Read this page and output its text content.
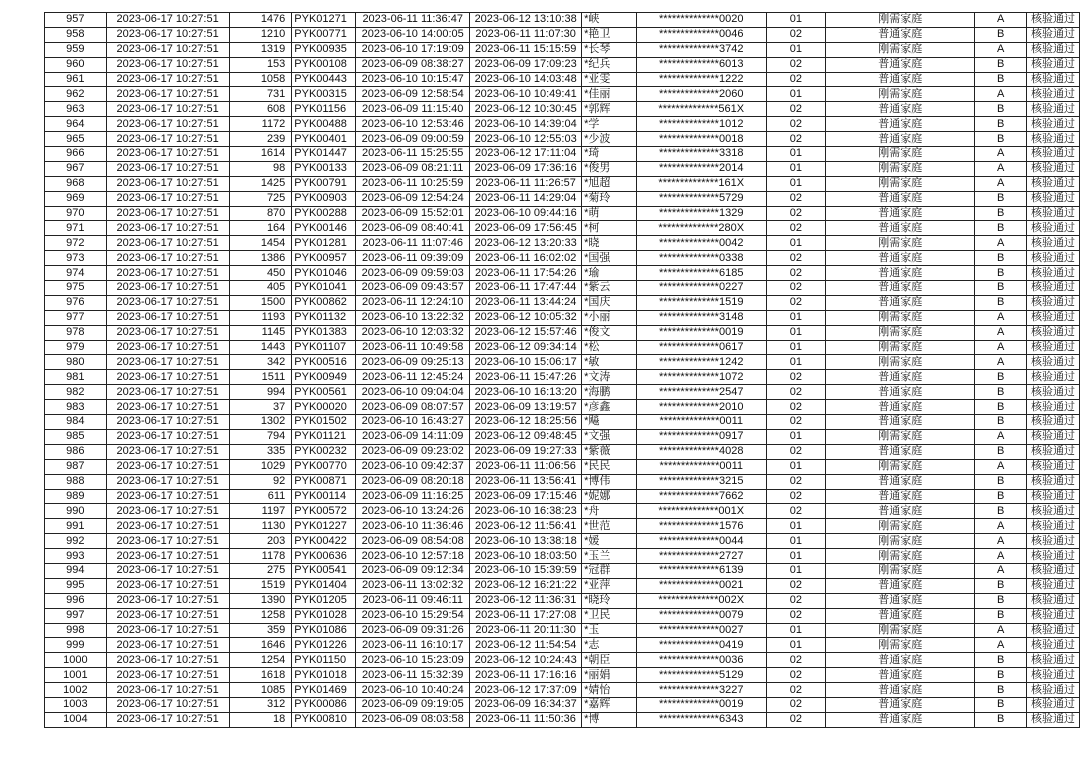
957	2023-06-17 10:27:51	1476	PYK01271	2023-06-11 11:36:47	2023-06-12 13:10:38	*峡	**************0020	01	刚需家庭	A	核验通过
958	2023-06-17 10:27:51	1210	PYK00771	2023-06-10 14:00:05	2023-06-11 11:07:30	*艳卫	**************0046	02	普通家庭	B	核验通过
959	2023-06-17 10:27:51	1319	PYK00935	2023-06-10 17:19:09	2023-06-11 15:15:59	*长琴	**************3742	01	刚需家庭	A	核验通过
960	2023-06-17 10:27:51	153	PYK00108	2023-06-09 08:38:27	2023-06-09 17:09:23	*纪兵	**************6013	02	普通家庭	B	核验通过
961	2023-06-17 10:27:51	1058	PYK00443	2023-06-10 10:15:47	2023-06-10 14:03:48	*亚雯	**************1222	02	普通家庭	B	核验通过
962	2023-06-17 10:27:51	731	PYK00315	2023-06-09 12:58:54	2023-06-10 10:49:41	*佳丽	**************2060	01	刚需家庭	A	核验通过
963	2023-06-17 10:27:51	608	PYK01156	2023-06-09 11:15:40	2023-06-12 10:30:45	*郭辉	**************561X	02	普通家庭	B	核验通过
964	2023-06-17 10:27:51	1172	PYK00488	2023-06-10 12:53:46	2023-06-10 14:39:04	*学	**************1012	02	普通家庭	B	核验通过
965	2023-06-17 10:27:51	239	PYK00401	2023-06-09 09:00:59	2023-06-10 12:55:03	*少波	**************0018	02	普通家庭	B	核验通过
966	2023-06-17 10:27:51	1614	PYK01447	2023-06-11 15:25:55	2023-06-12 17:11:04	*琦	**************3318	01	刚需家庭	A	核验通过
967	2023-06-17 10:27:51	98	PYK00133	2023-06-09 08:21:11	2023-06-09 17:36:16	*俊男	**************2014	01	刚需家庭	A	核验通过
968	2023-06-17 10:27:51	1425	PYK00791	2023-06-11 10:25:59	2023-06-11 11:26:57	*旭超	**************161X	01	刚需家庭	A	核验通过
969	2023-06-17 10:27:51	725	PYK00903	2023-06-09 12:54:24	2023-06-11 14:29:04	*菊玲	**************5729	02	普通家庭	B	核验通过
970	2023-06-17 10:27:51	870	PYK00288	2023-06-09 15:52:01	2023-06-10 09:44:16	*萌	**************1329	02	普通家庭	B	核验通过
971	2023-06-17 10:27:51	164	PYK00146	2023-06-09 08:40:41	2023-06-09 17:56:45	*柯	**************280X	02	普通家庭	B	核验通过
972	2023-06-17 10:27:51	1454	PYK01281	2023-06-11 11:07:46	2023-06-12 13:20:33	*晓	**************0042	01	刚需家庭	A	核验通过
973	2023-06-17 10:27:51	1386	PYK00957	2023-06-11 09:39:09	2023-06-11 16:02:02	*国强	**************0338	02	普通家庭	B	核验通过
974	2023-06-17 10:27:51	450	PYK01046	2023-06-09 09:59:03	2023-06-11 17:54:26	*瑜	**************6185	02	普通家庭	B	核验通过
975	2023-06-17 10:27:51	405	PYK01041	2023-06-09 09:43:57	2023-06-11 17:47:44	*紫云	**************0227	02	普通家庭	B	核验通过
976	2023-06-17 10:27:51	1500	PYK00862	2023-06-11 12:24:10	2023-06-11 13:44:24	*国庆	**************1519	02	普通家庭	B	核验通过
977	2023-06-17 10:27:51	1193	PYK01132	2023-06-10 13:22:32	2023-06-12 10:05:32	*小丽	**************3148	01	刚需家庭	A	核验通过
978	2023-06-17 10:27:51	1145	PYK01383	2023-06-10 12:03:32	2023-06-12 15:57:46	*俊文	**************0019	01	刚需家庭	A	核验通过
979	2023-06-17 10:27:51	1443	PYK01107	2023-06-11 10:49:58	2023-06-12 09:34:14	*松	**************0617	01	刚需家庭	A	核验通过
980	2023-06-17 10:27:51	342	PYK00516	2023-06-09 09:25:13	2023-06-10 15:06:17	*敏	**************1242	01	刚需家庭	A	核验通过
981	2023-06-17 10:27:51	1511	PYK00949	2023-06-11 12:45:24	2023-06-11 15:47:26	*文涛	**************1072	02	普通家庭	B	核验通过
982	2023-06-17 10:27:51	994	PYK00561	2023-06-10 09:04:04	2023-06-10 16:13:20	*海鹏	**************2547	02	普通家庭	B	核验通过
983	2023-06-17 10:27:51	37	PYK00020	2023-06-09 08:07:57	2023-06-09 13:19:57	*彦鑫	**************2010	02	普通家庭	B	核验通过
984	2023-06-17 10:27:51	1302	PYK01502	2023-06-10 16:43:27	2023-06-12 18:25:56	*飚	**************0011	02	普通家庭	B	核验通过
985	2023-06-17 10:27:51	794	PYK01121	2023-06-09 14:11:09	2023-06-12 09:48:45	*文强	**************0917	01	刚需家庭	A	核验通过
986	2023-06-17 10:27:51	335	PYK00232	2023-06-09 09:23:02	2023-06-09 19:27:33	*紫薇	**************4028	02	普通家庭	B	核验通过
987	2023-06-17 10:27:51	1029	PYK00770	2023-06-10 09:42:37	2023-06-11 11:06:56	*民民	**************0011	01	刚需家庭	A	核验通过
988	2023-06-17 10:27:51	92	PYK00871	2023-06-09 08:20:18	2023-06-11 13:56:41	*博伟	**************3215	02	普通家庭	B	核验通过
989	2023-06-17 10:27:51	611	PYK00114	2023-06-09 11:16:25	2023-06-09 17:15:46	*妮娜	**************7662	02	普通家庭	B	核验通过
990	2023-06-17 10:27:51	1197	PYK00572	2023-06-10 13:24:26	2023-06-10 16:38:23	*舟	**************001X	02	普通家庭	B	核验通过
991	2023-06-17 10:27:51	1130	PYK01227	2023-06-10 11:36:46	2023-06-12 11:56:41	*世范	**************1576	01	刚需家庭	A	核验通过
992	2023-06-17 10:27:51	203	PYK00422	2023-06-09 08:54:08	2023-06-10 13:38:18	*媛	**************0044	01	刚需家庭	A	核验通过
993	2023-06-17 10:27:51	1178	PYK00636	2023-06-10 12:57:18	2023-06-10 18:03:50	*玉兰	**************2727	01	刚需家庭	A	核验通过
994	2023-06-17 10:27:51	275	PYK00541	2023-06-09 09:12:34	2023-06-10 15:39:59	*冠群	**************6139	01	刚需家庭	A	核验通过
995	2023-06-17 10:27:51	1519	PYK01404	2023-06-11 13:02:32	2023-06-12 16:21:22	*亚萍	**************0021	02	普通家庭	B	核验通过
996	2023-06-17 10:27:51	1390	PYK01205	2023-06-11 09:46:11	2023-06-12 11:36:31	*晓玲	**************002X	02	普通家庭	B	核验通过
997	2023-06-17 10:27:51	1258	PYK01028	2023-06-10 15:29:54	2023-06-11 17:27:08	*卫民	**************0079	02	普通家庭	B	核验通过
998	2023-06-17 10:27:51	359	PYK01086	2023-06-09 09:31:26	2023-06-11 20:11:30	*玉	**************0027	01	刚需家庭	A	核验通过
999	2023-06-17 10:27:51	1646	PYK01226	2023-06-11 16:10:17	2023-06-12 11:54:54	*志	**************0419	01	刚需家庭	A	核验通过
1000	2023-06-17 10:27:51	1254	PYK01150	2023-06-10 15:23:09	2023-06-12 10:24:43	*朝臣	**************0036	02	普通家庭	B	核验通过
1001	2023-06-17 10:27:51	1618	PYK01018	2023-06-11 15:32:39	2023-06-11 17:16:16	*丽娟	**************5129	02	普通家庭	B	核验通过
1002	2023-06-17 10:27:51	1085	PYK01469	2023-06-10 10:40:24	2023-06-12 17:37:09	*婧怡	**************3227	02	普通家庭	B	核验通过
1003	2023-06-17 10:27:51	312	PYK00086	2023-06-09 09:19:05	2023-06-09 16:34:37	*嘉辉	**************0019	02	普通家庭	B	核验通过
1004	2023-06-17 10:27:51	18	PYK00810	2023-06-09 08:03:58	2023-06-11 11:50:36	*博	**************6343	02	普通家庭	B	核验通过
